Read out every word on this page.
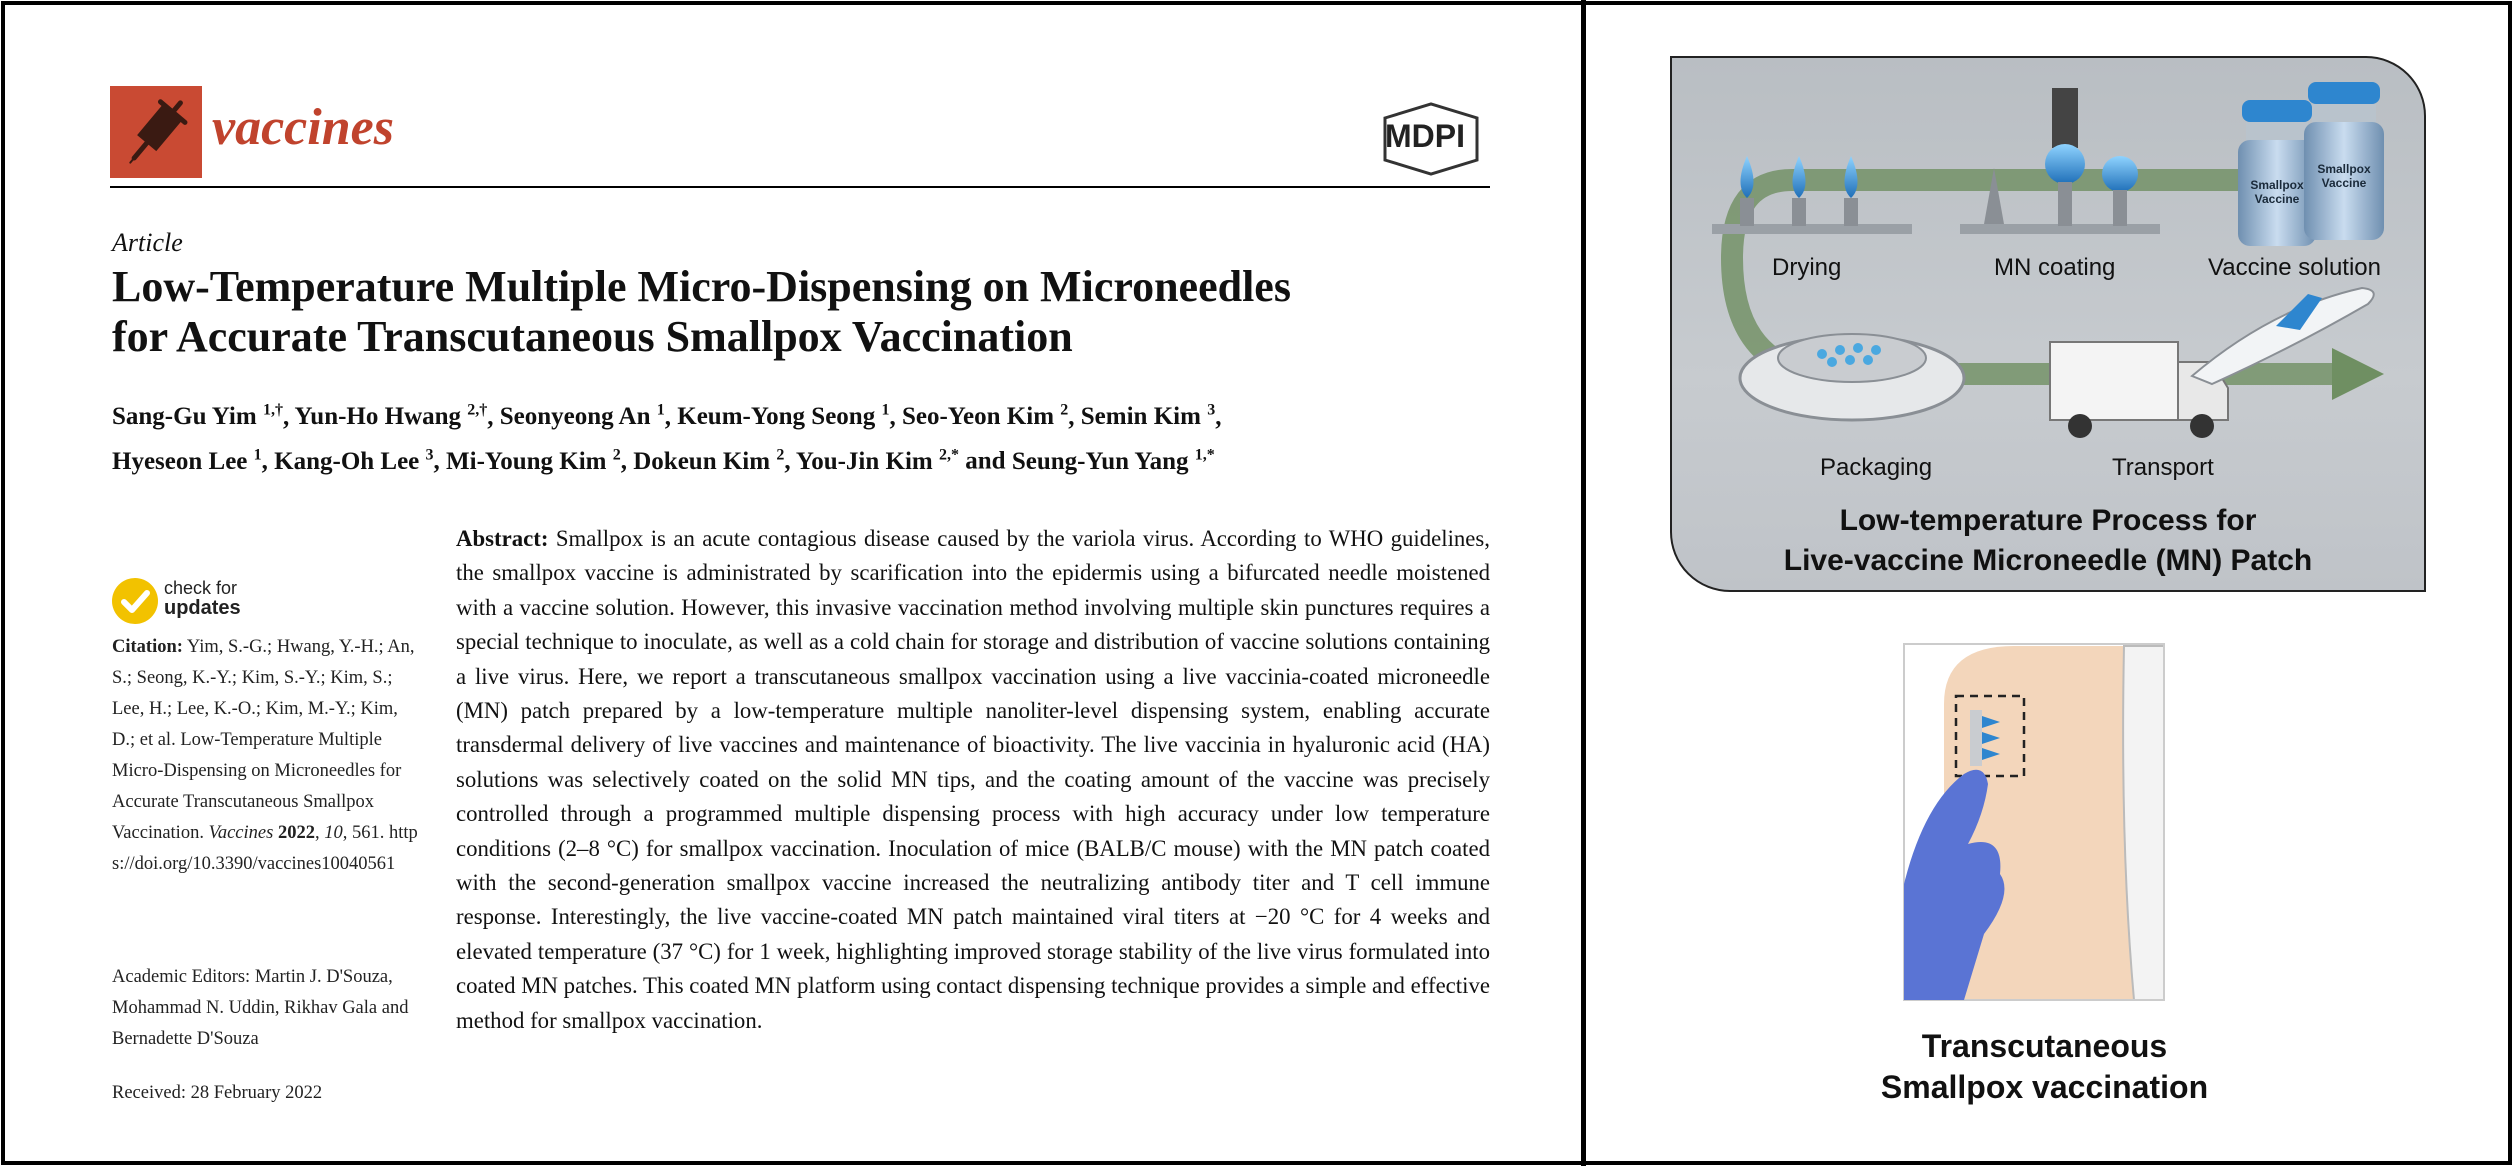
vaccines	MDPI
Article
Low-Temperature Multiple Micro-Dispensing on Microneedles
for Accurate Transcutaneous Smallpox Vaccination
Sang-Gu Yim $^{1,\dagger}$, Yun-Ho Hwang $^{2,\dagger}$, Seonyeong An $^1$, Keum-Yong Seong $^1$, Seo-Yeon Kim $^2$, Semin Kim $^3$,
Hyeseon Lee $^1$, Kang-Oh Lee $^3$, Mi-Young Kim $^2$, Dokeun Kim $^2$, You-Jin Kim $^{2,*}$ and Seung-Yun Yang $^{1,*}$
check for
updates
Citation: Yim, S.-G.; Hwang, Y.-H.; An, S.; Seong, K.-Y.; Kim, S.-Y.; Kim, S.; Lee, H.; Lee, K.-O.; Kim, M.-Y.; Kim, D.; et al. Low-Temperature Multiple Micro-Dispensing on Microneedles for Accurate Transcutaneous Smallpox Vaccination. Vaccines 2022, 10, 561. https://doi.org/10.3390/vaccines10040561
Academic Editors: Martin J. D'Souza, Mohammad N. Uddin, Rikhav Gala and Bernadette D'Souza
Received: 28 February 2022

Abstract: Smallpox is an acute contagious disease caused by the variola virus. According to WHO guidelines, the smallpox vaccine is administrated by scarification into the epidermis using a bifurcated needle moistened with a vaccine solution. However, this invasive vaccination method involving multiple skin punctures requires a special technique to inoculate, as well as a cold chain for storage and distribution of vaccine solutions containing a live virus. Here, we report a transcutaneous smallpox vaccination using a live vaccinia-coated microneedle (MN) patch prepared by a low-temperature multiple nanoliter-level dispensing system, enabling accurate transdermal delivery of live vaccines and maintenance of bioactivity. The live vaccinia in hyaluronic acid (HA) solutions was selectively coated on the solid MN tips, and the coating amount of the vaccine was precisely controlled through a programmed multiple dispensing process with high accuracy under low temperature conditions (2–8 °C) for smallpox vaccination. Inoculation of mice (BALB/C mouse) with the MN patch coated with the second-generation smallpox vaccine increased the neutralizing antibody titer and T cell immune response. Interestingly, the live vaccine-coated MN patch maintained viral titers at −20 °C for 4 weeks and elevated temperature (37 °C) for 1 week, highlighting improved storage stability of the live virus formulated into coated MN patches. This coated MN platform using contact dispensing technique provides a simple and effective method for smallpox vaccination.

Smallpox Vaccine
Smallpox Vaccine
Drying	MN coating	Vaccine solution
Packaging	Transport
Low-temperature Process for
Live-vaccine Microneedle (MN) Patch
Transcutaneous
Smallpox vaccination
